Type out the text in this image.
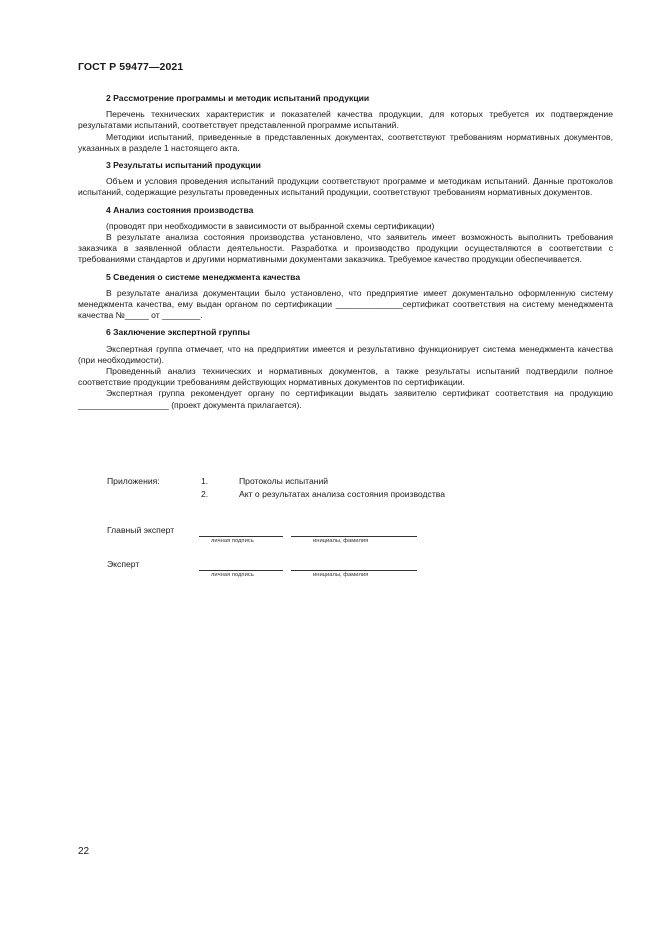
ГОСТ Р 59477—2021

2 Рассмотрение программы и методик испытаний продукции

Перечень технических характеристик и показателей качества продукции, для которых требуется их подтверждение результатами испытаний, соответствует представленной программе испытаний.

Методики испытаний, приведенные в представленных документах, соответствуют требованиям нормативных документов, указанных в разделе 1 настоящего акта.

3 Результаты испытаний продукции

Объем и условия проведения испытаний продукции соответствуют программе и методикам испытаний. Данные протоколов испытаний, содержащие результаты проведенных испытаний продукции, соответствуют требованиям нормативных документов.

4 Анализ состояния производства

(проводят при необходимости в зависимости от выбранной схемы сертификации)

В результате анализа состояния производства установлено, что заявитель имеет возможность выполнить требования заказчика в заявленной области деятельности. Разработка и производство продукции осуществляются в соответствии с требованиями стандартов и другими нормативными документами заказчика. Требуемое качество продукции обеспечивается.

5 Сведения о системе менеджмента качества

В результате анализа документации было установлено, что предприятие имеет документально оформленную систему менеджмента качества, ему выдан органом по сертификации ______________сертификат соответствия на систему менеджмента качества №_____ от ________.

6 Заключение экспертной группы

Экспертная группа отмечает, что на предприятии имеется и результативно функционирует система менеджмента качества (при необходимости).

Проведенный анализ технических и нормативных документов, а также результаты испытаний подтвердили полное соответствие продукции требованиям действующих нормативных документов по сертификации.

Экспертная группа рекомендует органу по сертификации выдать заявителю сертификат соответствия на продукцию ___________________ (проект документа прилагается).

Приложения:	1.	Протоколы испытаний
2.	Акт о результатах анализа состояния производства
Главный эксперт
личная подпись	инициалы, фамилия
Эксперт
личная подпись	инициалы, фамилия
22
